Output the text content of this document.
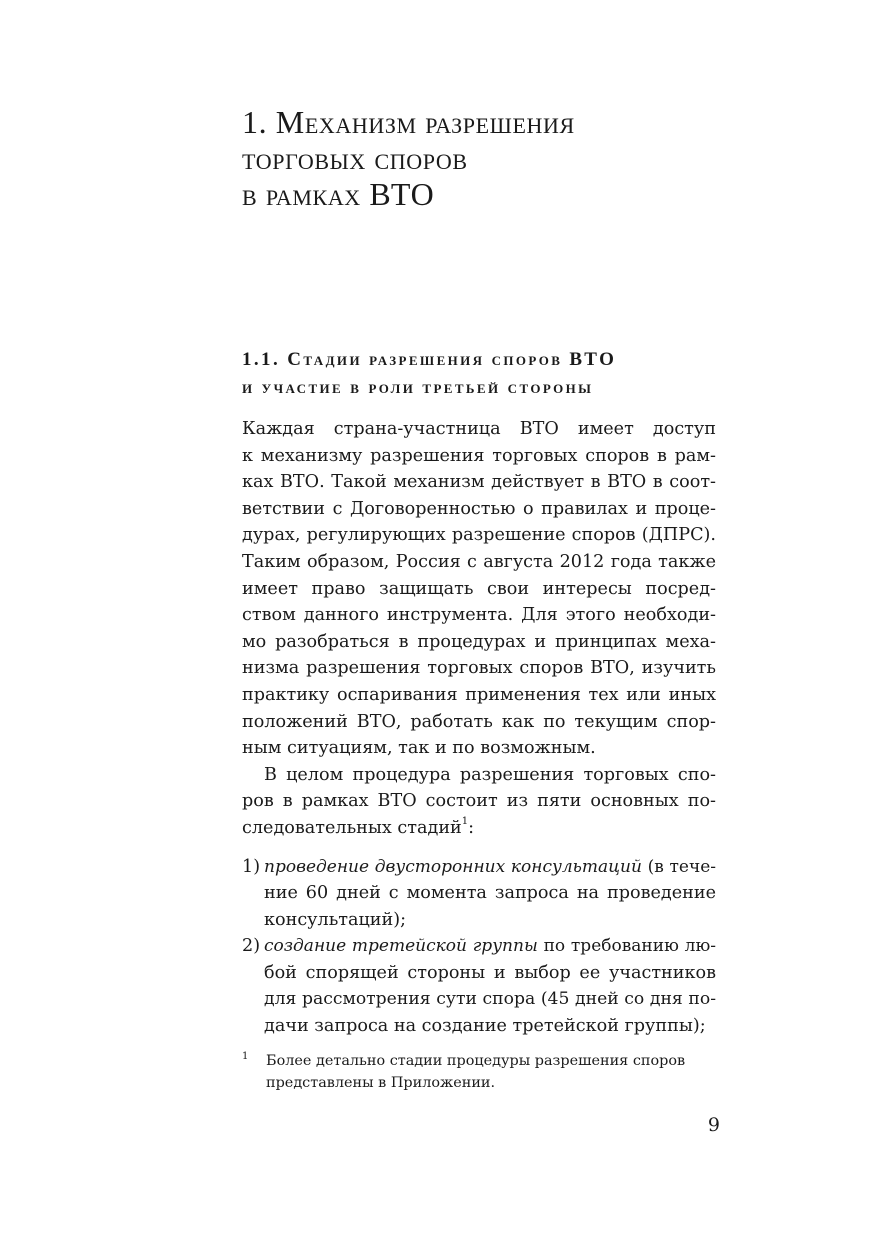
1. Механизм разрешения
торговых споров
в рамках ВТО
1.1. Стадии разрешения споров ВТО
и участие в роли третьей стороны

Каждая страна-участница ВТО имеет доступ
к механизму разрешения торговых споров в рам-
ках ВТО. Такой механизм действует в ВТО в соот-
ветствии с Договоренностью о правилах и проце-
дурах, регулирующих разрешение споров (ДПРС).
Таким образом, Россия с августа 2012 года также
имеет право защищать свои интересы посред-
ством данного инструмента. Для этого необходи-
мо разобраться в процедурах и принципах меха-
низма разрешения торговых споров ВТО, изучить
практику оспаривания применения тех или иных
положений ВТО, работать как по текущим спор-
ным ситуациям, так и по возможным.

В целом процедура разрешения торговых спо-
ров в рамках ВТО состоит из пяти основных по-
следовательных стадий$^1$:

1) проведение двусторонних консультаций (в тече-
ние 60 дней с момента запроса на проведение
консультаций);
2) создание третейской группы по требованию лю-
бой спорящей стороны и выбор ее участников
для рассмотрения сути спора (45 дней со дня по-
дачи запроса на создание третейской группы);
1 Более детально стадии процедуры разрешения споров
представлены в Приложении.
9
